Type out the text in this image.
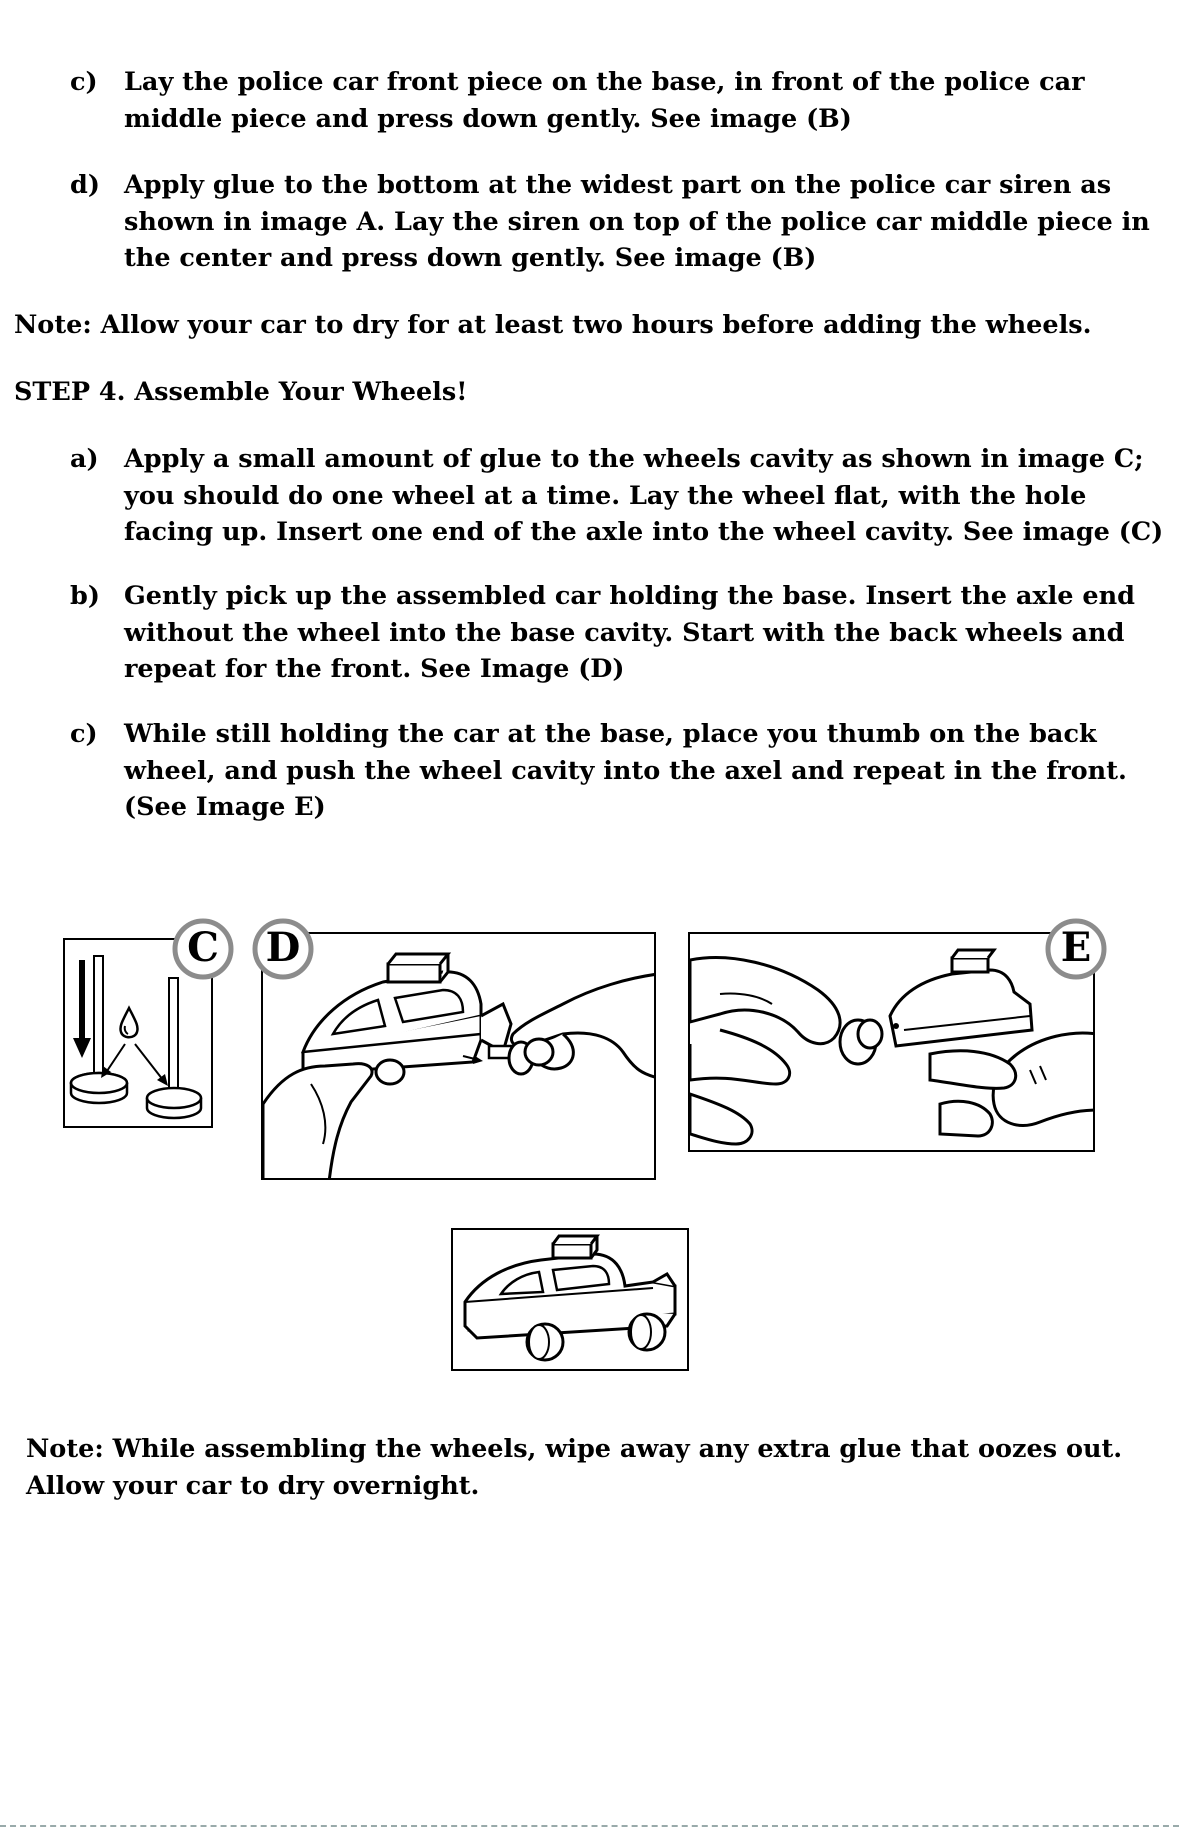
c) Lay the police car front piece on the base, in front of the police car
middle piece and press down gently. See image (B)
d) Apply glue to the bottom at the widest part on the police car siren as
shown in image A. Lay the siren on top of the police car middle piece in
the center and press down gently. See image (B)
Note: Allow your car to dry for at least two hours before adding the wheels.
STEP 4. Assemble Your Wheels!
a) Apply a small amount of glue to the wheels cavity as shown in image C;
you should do one wheel at a time. Lay the wheel flat, with the hole
facing up. Insert one end of the axle into the wheel cavity. See image (C)
b) Gently pick up the assembled car holding the base. Insert the axle end
without the wheel into the base cavity. Start with the back wheels and
repeat for the front. See Image (D)
c) While still holding the car at the base, place you thumb on the back
wheel, and push the wheel cavity into the axel and repeat in the front.
(See Image E)
C	D	E
Note: While assembling the wheels, wipe away any extra glue that oozes out.
Allow your car to dry overnight.
